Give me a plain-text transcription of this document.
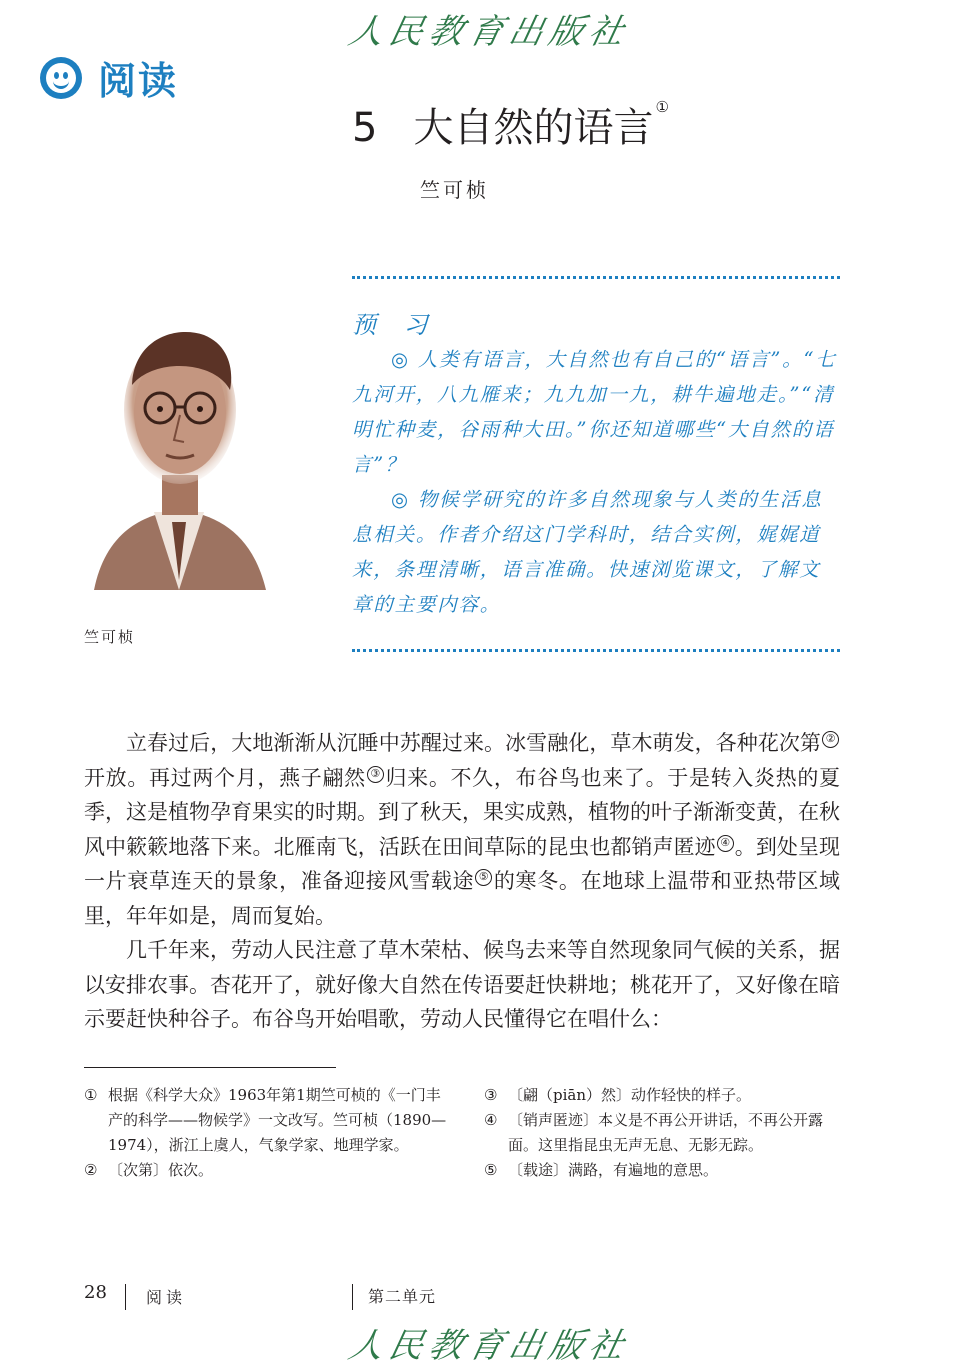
人民教育出版社
阅读
5 大自然的语言 ①
竺可桢
竺可桢
预 习

◎ 人类有语言，大自然也有自己的“语言”。“七九河开，八九雁来；九九加一九，耕牛遍地走。”“清明忙种麦，谷雨种大田。”你还知道哪些“大自然的语言”？

◎ 物候学研究的许多自然现象与人类的生活息息相关。作者介绍这门学科时，结合实例，娓娓道来，条理清晰，语言准确。快速浏览课文，了解文章的主要内容。

立春过后，大地渐渐从沉睡中苏醒过来。冰雪融化，草木萌发，各种花次第 ②开放。再过两个月，燕子翩然 ③ 归来。不久，布谷鸟也来了。于是转入炎热的夏季，这是植物孕育果实的时期。到了秋天，果实成熟，植物的叶子渐渐变黄，在秋风中簌簌地落下来。北雁南飞，活跃在田间草际的昆虫也都销声匿迹 ④ 。到处呈现一片衰草连天的景象，准备迎接风雪载途 ⑤ 的寒冬。在地球上温带和亚热带区域里，年年如是，周而复始。

几千年来，劳动人民注意了草木荣枯、候鸟去来等自然现象同气候的关系，据以安排农事。杏花开了，就好像大自然在传语要赶快耕地；桃花开了，又好像在暗示要赶快种谷子。布谷鸟开始唱歌，劳动人民懂得它在唱什么：

① 根据《科学大众》1963年第1期竺可桢的《一门丰产的科学——物候学》一文改写。竺可桢（1890—1974），浙江上虞人，气象学家、地理学家。
② 〔次第〕依次。
③ 〔翩（piān）然〕动作轻快的样子。
④ 〔销声匿迹〕本义是不再公开讲话，不再公开露面。这里指昆虫无声无息、无影无踪。
⑤ 〔载途〕满路，有遍地的意思。
28 阅读	第二单元
人民教育出版社
